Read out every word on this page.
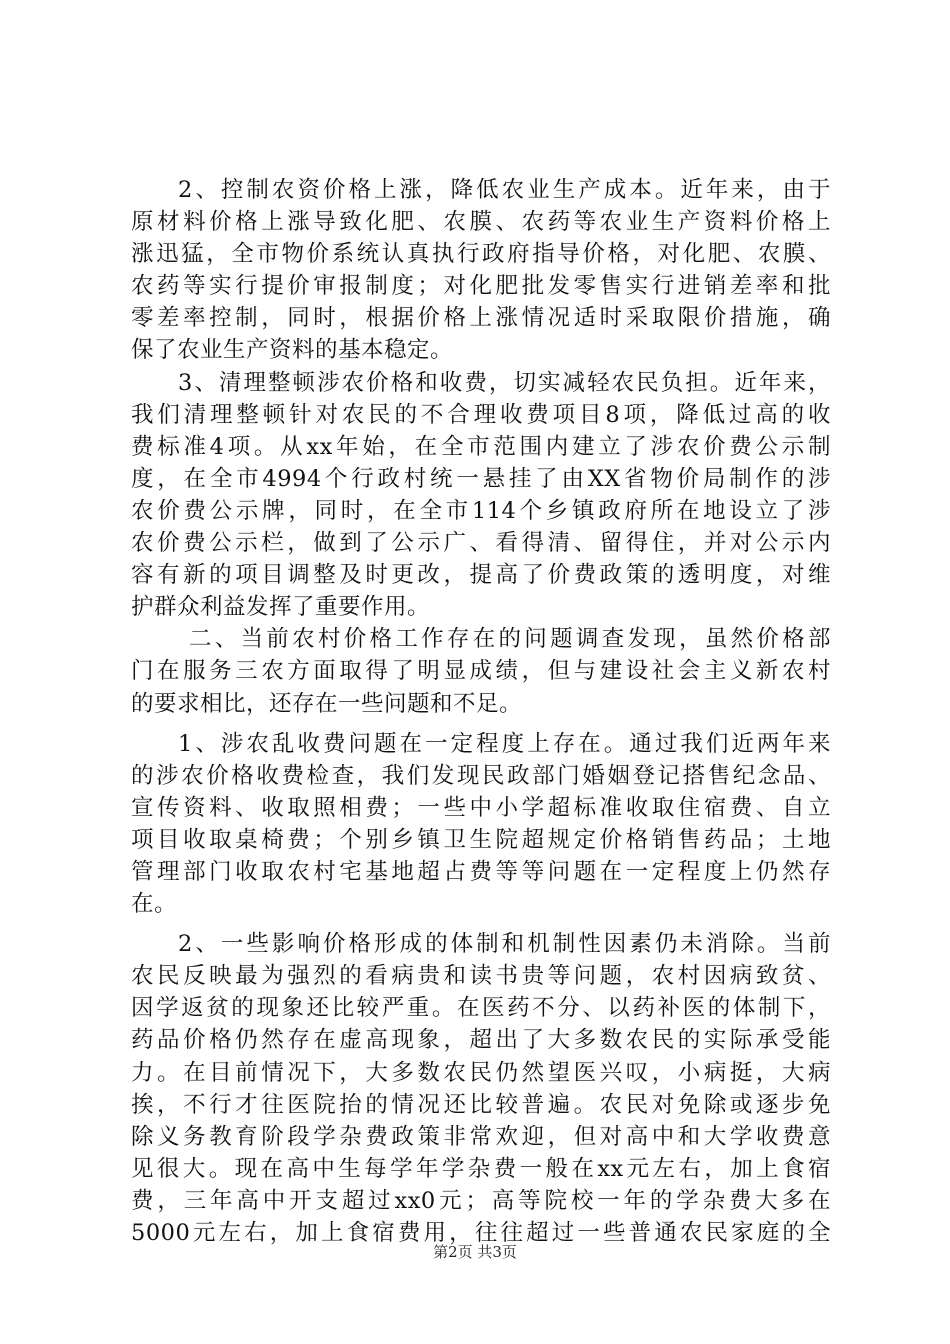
2、控制农资价格上涨，降低农业生产成本。近年来，由于
原材料价格上涨导致化肥、农膜、农药等农业生产资料价格上
涨迅猛，全市物价系统认真执行政府指导价格，对化肥、农膜、
农药等实行提价审报制度；对化肥批发零售实行进销差率和批
零差率控制，同时，根据价格上涨情况适时采取限价措施，确
保了农业生产资料的基本稳定。
3、清理整顿涉农价格和收费，切实减轻农民负担。近年来，
我们清理整顿针对农民的不合理收费项目8项，降低过高的收
费标准4项。从xx年始，在全市范围内建立了涉农价费公示制
度，在全市4994个行政村统一悬挂了由XX省物价局制作的涉
农价费公示牌，同时，在全市114个乡镇政府所在地设立了涉
农价费公示栏，做到了公示广、看得清、留得住，并对公示内
容有新的项目调整及时更改，提高了价费政策的透明度，对维
护群众利益发挥了重要作用。
二、当前农村价格工作存在的问题调查发现，虽然价格部
门在服务三农方面取得了明显成绩，但与建设社会主义新农村
的要求相比，还存在一些问题和不足。
1、涉农乱收费问题在一定程度上存在。通过我们近两年来
的涉农价格收费检查，我们发现民政部门婚姻登记搭售纪念品、
宣传资料、收取照相费；一些中小学超标准收取住宿费、自立
项目收取桌椅费；个别乡镇卫生院超规定价格销售药品；土地
管理部门收取农村宅基地超占费等等问题在一定程度上仍然存
在。
2、一些影响价格形成的体制和机制性因素仍未消除。当前
农民反映最为强烈的看病贵和读书贵等问题，农村因病致贫、
因学返贫的现象还比较严重。在医药不分、以药补医的体制下，
药品价格仍然存在虚高现象，超出了大多数农民的实际承受能
力。在目前情况下，大多数农民仍然望医兴叹，小病挺，大病
挨，不行才往医院抬的情况还比较普遍。农民对免除或逐步免
除义务教育阶段学杂费政策非常欢迎，但对高中和大学收费意
见很大。现在高中生每学年学杂费一般在xx元左右，加上食宿
费，三年高中开支超过xx0元；高等院校一年的学杂费大多在
5000元左右，加上食宿费用，往往超过一些普通农民家庭的全
第2页 共3页
